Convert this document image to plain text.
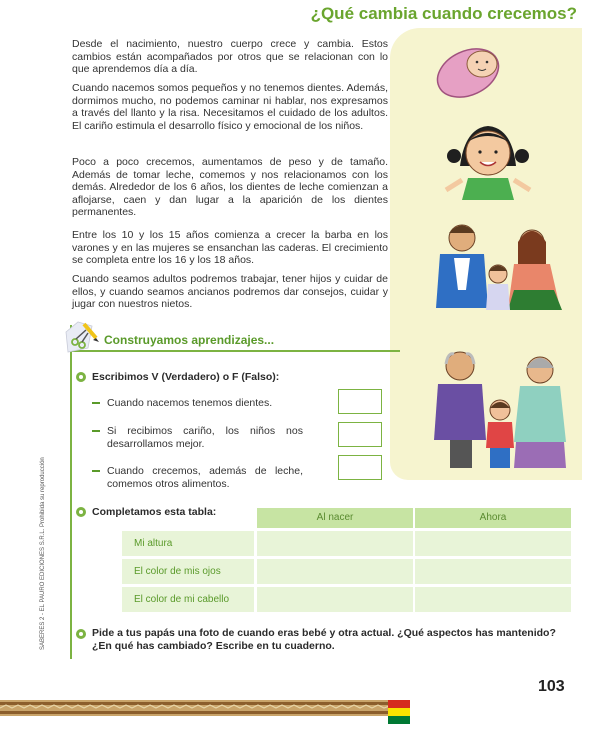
¿Qué cambia cuando crecemos?

Desde el nacimiento, nuestro cuerpo crece y cambia. Estos cambios están acompañados por otros que se relacionan con lo que aprendemos día a día.

Cuando nacemos somos pequeños y no tenemos dientes. Además, dormimos mucho, no podemos caminar ni hablar, nos expresamos a través del llanto y la risa. Necesitamos el cuidado de los adultos. El cariño estimula el desarrollo físico y emocional de los niños.

Poco a poco crecemos, aumentamos de peso y de tamaño. Además de tomar leche, comemos y nos relacionamos con los demás. Alrededor de los 6 años, los dientes de leche comienzan a aflojarse, caen y dan lugar a la aparición de los dientes permanentes.

Entre los 10 y los 15 años comienza a crecer la barba en los varones y en las mujeres se ensanchan las caderas. El crecimiento se completa entre los 16 y los 18 años.

Cuando seamos adultos podremos trabajar, tener hijos y cuidar de ellos, y cuando seamos ancianos podremos dar consejos, cuidar y jugar con nuestros nietos.

Construyamos aprendizajes...
Escribimos V (Verdadero) o F (Falso):
Cuando nacemos tenemos dientes.
Si recibimos cariño, los niños nos desarrollamos mejor.
Cuando crecemos, además de leche, comemos otros alimentos.
Completamos esta tabla:	Al nacer	Ahora
Mi altura
El color de mis ojos
El color de mi cabello
Pide a tus papás una foto de cuando eras bebé y otra actual. ¿Qué aspectos has mantenido? ¿En qué has cambiado? Escribe en tu cuaderno.
SABERES 2 - EL PAURO EDICIONES S.R.L. Prohibida su reproducción
103
